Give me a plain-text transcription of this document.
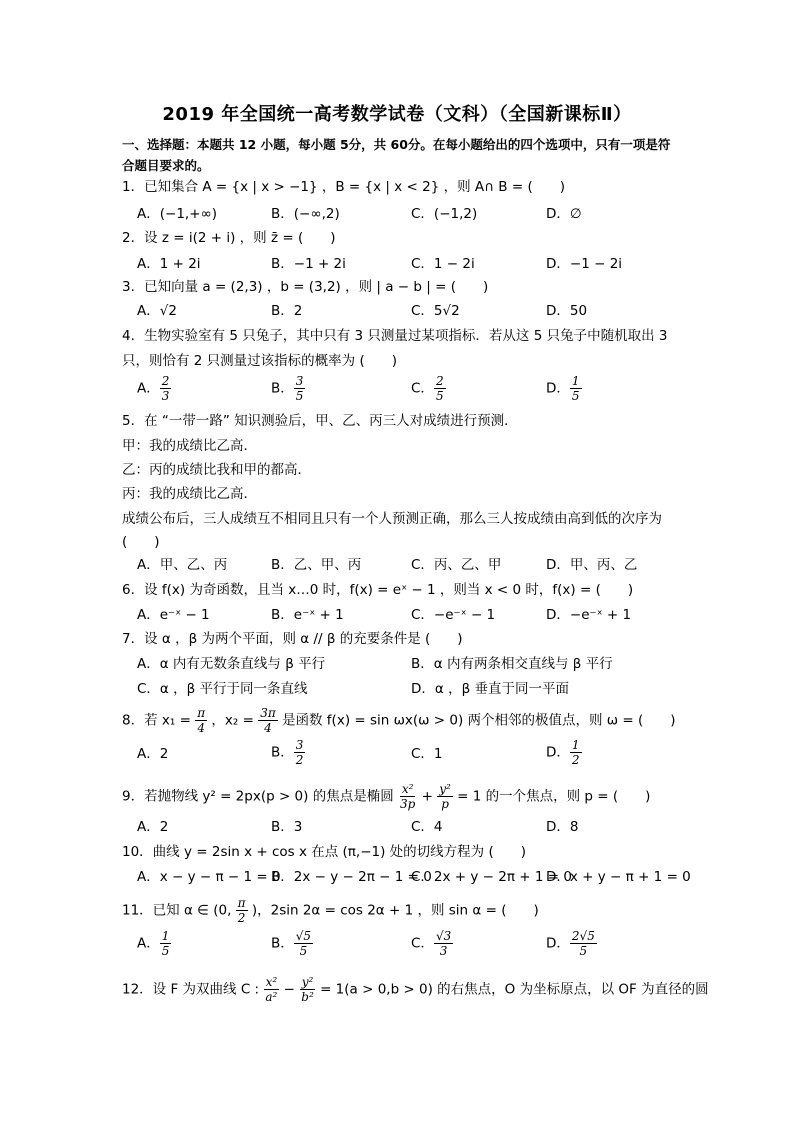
2019 年全国统一高考数学试卷（文科）（全国新课标Ⅱ）
一、选择题：本题共 12 小题，每小题 5分，共 60分。在每小题给出的四个选项中，只有一项是符合题目要求的。
1．已知集合 A = {x | x > −1} ，B = {x | x < 2} ，则 A∩ B = (　　)
A．(−1,+∞)	B．(−∞,2)	C．(−1,2)	D．∅
2．设 z = i(2 + i) ，则 z̄ = (　　)
A．1 + 2i	B．−1 + 2i	C．1 − 2i	D．−1 − 2i
3．已知向量 a = (2,3) ，b = (3,2) ，则 | a − b | = (　　)
A．√2	B．2	C．5√2	D．50
4．生物实验室有 5 只兔子，其中只有 3 只测量过某项指标．若从这 5 只兔子中随机取出 3
只，则恰有 2 只测量过该指标的概率为 (　　)
A． $\frac{2}{3}$	B． $\frac{3}{5}$	C． $\frac{2}{5}$	D． $\frac{1}{5}$
5．在 “一带一路” 知识测验后，甲、乙、丙三人对成绩进行预测．
甲：我的成绩比乙高．
乙：丙的成绩比我和甲的都高．
丙：我的成绩比乙高．
成绩公布后，三人成绩互不相同且只有一个人预测正确，那么三人按成绩由高到低的次序为
(　　)
A．甲、乙、丙	B．乙、甲、丙	C．丙、乙、甲	D．甲、丙、乙
6．设 f(x) 为奇函数，且当 x…0 时，f(x) = eˣ − 1 ，则当 x < 0 时，f(x) = (　　)
A．e⁻ˣ − 1	B．e⁻ˣ + 1	C．−e⁻ˣ − 1	D．−e⁻ˣ + 1
7．设 α ，β 为两个平面，则 α // β 的充要条件是 (　　)
A．α 内有无数条直线与 β 平行	B．α 内有两条相交直线与 β 平行
C．α ，β 平行于同一条直线	D．α ，β 垂直于同一平面
8．若 $x_1 = \frac{\pi}{4}$ ，$x_2 = \frac{3\pi}{4}$ 是函数 f(x) = sin ωx(ω > 0) 两个相邻的极值点，则 ω = (　　)
A．2	B． $\frac{3}{2}$	C．1	D． $\frac{1}{2}$
9．若抛物线 y² = 2px(p > 0) 的焦点是椭圆 $\frac{\text{x²}}{3p} + \frac{\text{y²}}{p} = 1$ 的一个焦点，则 p = (　　)
A．2	B．3	C．4	D．8
10．曲线 y = 2sin x + cos x 在点 (π,−1) 处的切线方程为 (　　)
A．x − y − π − 1 = 0
B．2x − y − 2π − 1 = 0
C．2x + y − 2π + 1 = 0
D．x + y − π + 1 = 0
11．已知 α ∈ (0, $\frac{\pi}{2}$ )，2sin 2α = cos 2α + 1 ，则 sin α = (　　)
A． $\frac{1}{5}$	B． $\frac{√5}{5}$	C． $\frac{√3}{3}$	D． $\frac{2√5}{5}$
12．设 F 为双曲线 C : $\frac{\text{x²}}{\text{a²}} - \frac{\text{y²}}{\text{b²}} = 1(a > 0,b > 0)$ 的右焦点，O 为坐标原点，以 OF 为直径的圆
